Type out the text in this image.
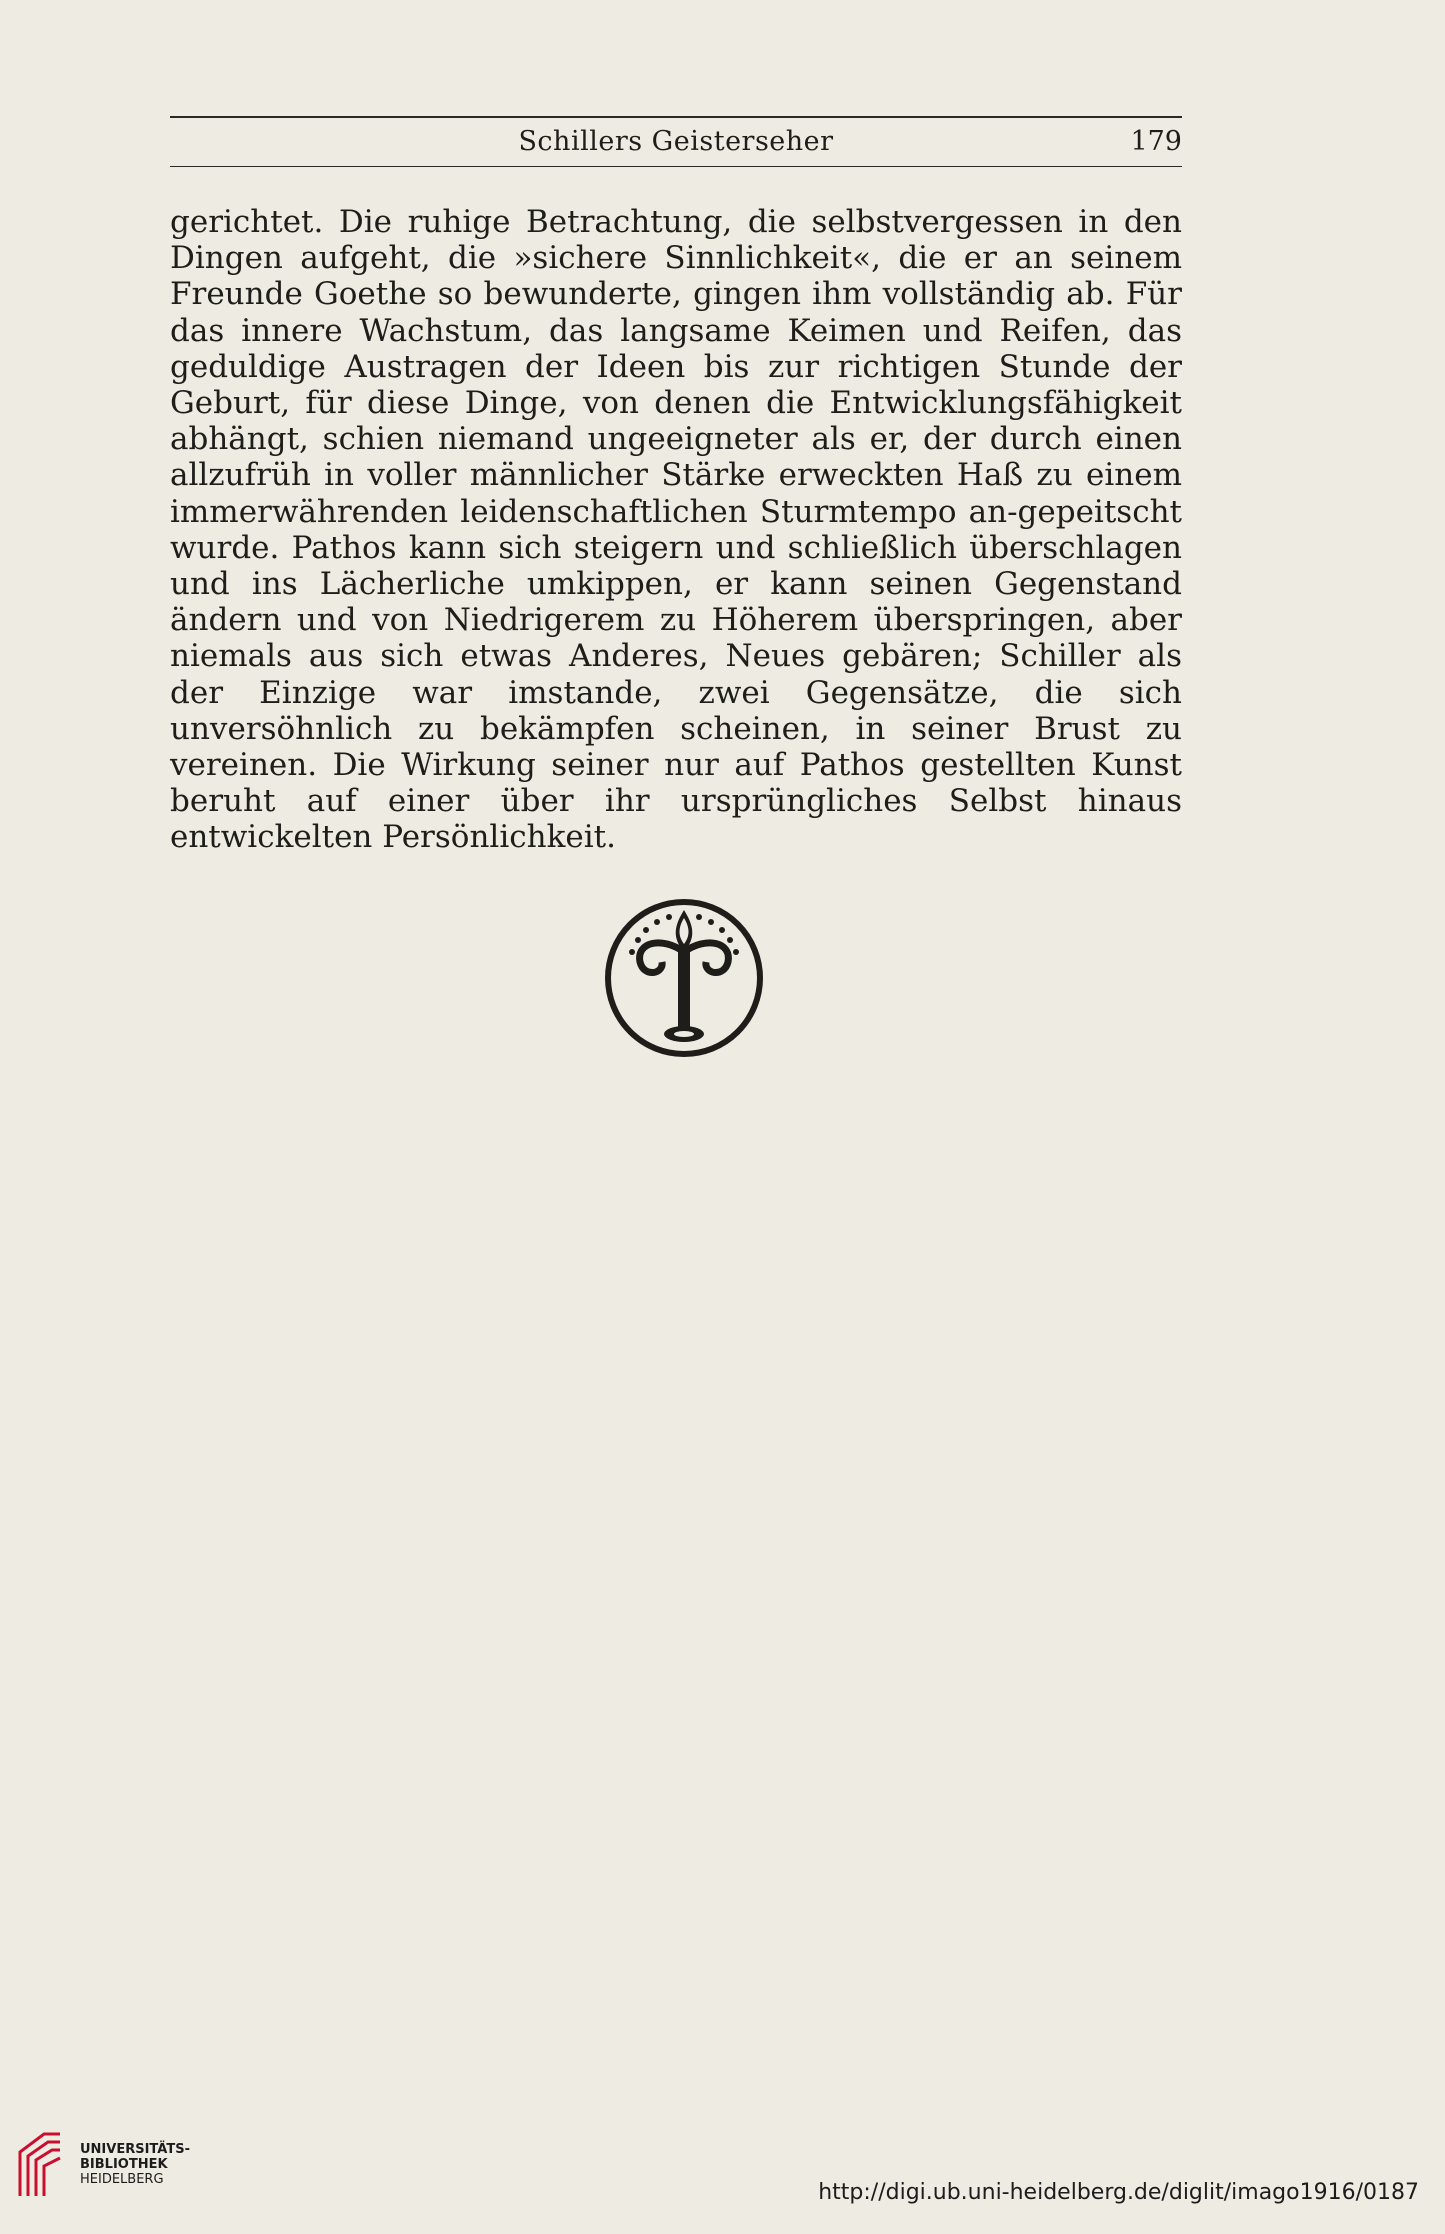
Schillers Geisterseher	179

gerichtet. Die ruhige Betrachtung, die selbstvergessen in den Dingen aufgeht, die »sichere Sinnlichkeit«, die er an seinem Freunde Goethe so bewunderte, gingen ihm vollständig ab. Für das innere Wachstum, das langsame Keimen und Reifen, das geduldige Austragen der Ideen bis zur richtigen Stunde der Geburt, für diese Dinge, von denen die Entwicklungsfähigkeit abhängt, schien niemand ungeeigneter als er, der durch einen allzufrüh in voller männlicher Stärke erweckten Haß zu einem immerwährenden leidenschaftlichen Sturmtempo an-gepeitscht wurde. Pathos kann sich steigern und schließlich überschlagen und ins Lächerliche umkippen, er kann seinen Gegenstand ändern und von Niedrigerem zu Höherem überspringen, aber niemals aus sich etwas Anderes, Neues gebären; Schiller als der Einzige war imstande, zwei Gegensätze, die sich unversöhnlich zu bekämpfen scheinen, in seiner Brust zu vereinen. Die Wirkung seiner nur auf Pathos gestellten Kunst beruht auf einer über ihr ursprüngliches Selbst hinaus entwickelten Persönlichkeit.

UNIVERSITÄTS-
BIBLIOTHEK
HEIDELBERG
http://digi.ub.uni-heidelberg.de/diglit/imago1916/0187
